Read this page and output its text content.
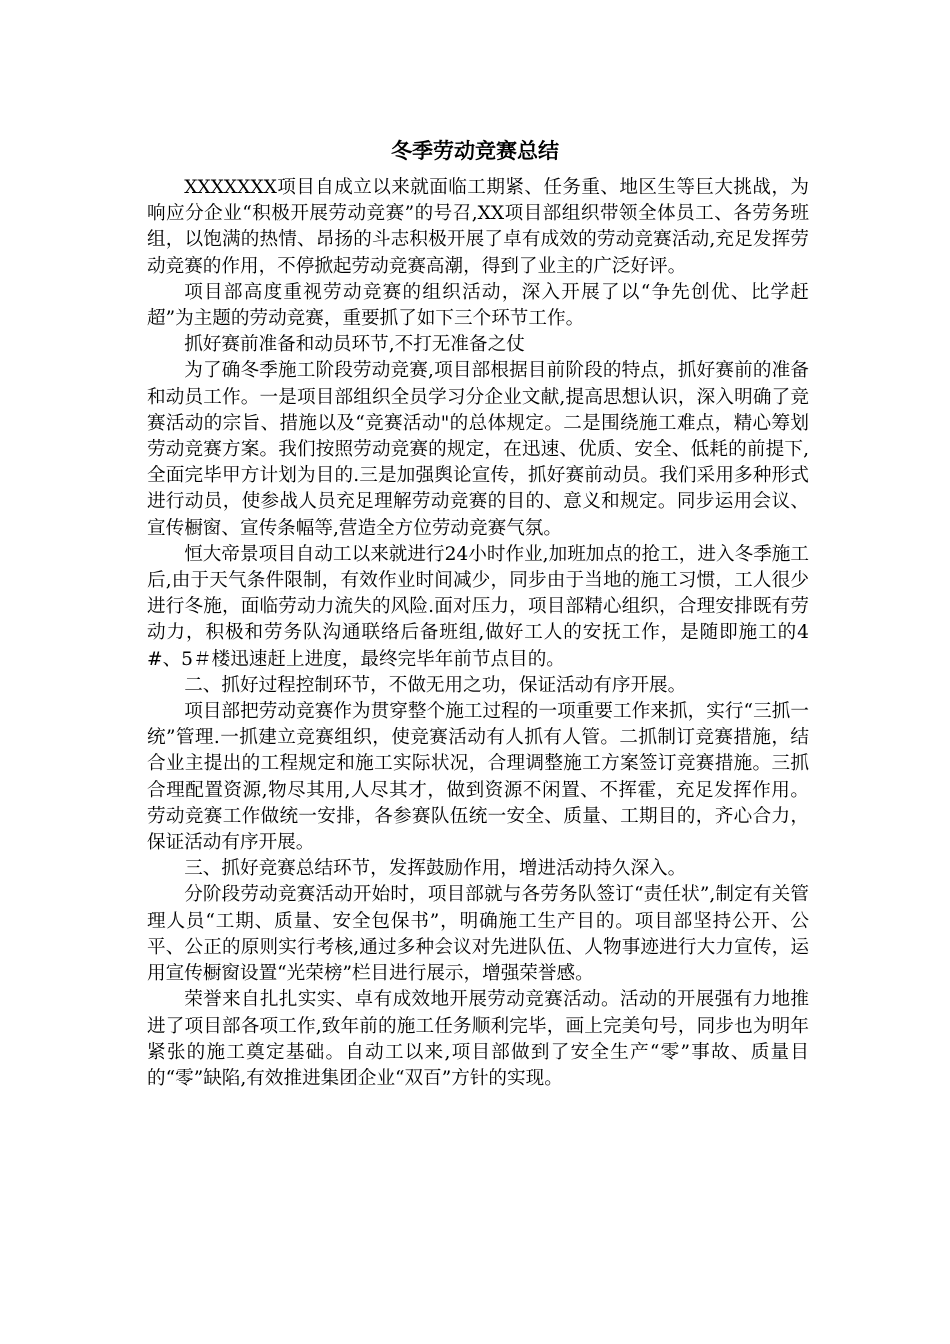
冬季劳动竞赛总结

XXXXXXX项目自成立以来就面临工期紧、任务重、地区生等巨大挑战，为响应分企业“积极开展劳动竞赛”的号召,XX项目部组织带领全体员工、各劳务班组，以饱满的热情、昂扬的斗志积极开展了卓有成效的劳动竞赛活动,充足发挥劳动竞赛的作用，不停掀起劳动竞赛高潮，得到了业主的广泛好评。

项目部高度重视劳动竞赛的组织活动，深入开展了以“争先创优、比学赶超”为主题的劳动竞赛，重要抓了如下三个环节工作。

抓好赛前准备和动员环节,不打无准备之仗

为了确冬季施工阶段劳动竞赛,项目部根据目前阶段的特点，抓好赛前的准备和动员工作。一是项目部组织全员学习分企业文献,提高思想认识，深入明确了竞赛活动的宗旨、措施以及“竞赛活动"的总体规定。二是围绕施工难点，精心筹划劳动竞赛方案。我们按照劳动竞赛的规定，在迅速、优质、安全、低耗的前提下,全面完毕甲方计划为目的.三是加强舆论宣传，抓好赛前动员。我们采用多种形式进行动员，使参战人员充足理解劳动竞赛的目的、意义和规定。同步运用会议、宣传橱窗、宣传条幅等,营造全方位劳动竞赛气氛。

恒大帝景项目自动工以来就进行24小时作业,加班加点的抢工，进入冬季施工后,由于天气条件限制，有效作业时间减少，同步由于当地的施工习惯，工人很少进行冬施，面临劳动力流失的风险.面对压力，项目部精心组织，合理安排既有劳动力，积极和劳务队沟通联络后备班组,做好工人的安抚工作，是随即施工的4#、5＃楼迅速赶上进度，最终完毕年前节点目的。

二、抓好过程控制环节，不做无用之功，保证活动有序开展。

项目部把劳动竞赛作为贯穿整个施工过程的一项重要工作来抓，实行“三抓一统”管理.一抓建立竞赛组织，使竞赛活动有人抓有人管。二抓制订竞赛措施，结合业主提出的工程规定和施工实际状况，合理调整施工方案签订竞赛措施。三抓合理配置资源,物尽其用,人尽其才，做到资源不闲置、不挥霍，充足发挥作用。劳动竞赛工作做统一安排，各参赛队伍统一安全、质量、工期目的，齐心合力，保证活动有序开展。

三、抓好竞赛总结环节，发挥鼓励作用，增进活动持久深入。

分阶段劳动竞赛活动开始时，项目部就与各劳务队签订“责任状”,制定有关管理人员“工期、质量、安全包保书”，明确施工生产目的。项目部坚持公开、公平、公正的原则实行考核,通过多种会议对先进队伍、人物事迹进行大力宣传，运用宣传橱窗设置“光荣榜”栏目进行展示，增强荣誉感。

荣誉来自扎扎实实、卓有成效地开展劳动竞赛活动。活动的开展强有力地推进了项目部各项工作,致年前的施工任务顺利完毕，画上完美句号，同步也为明年紧张的施工奠定基础。自动工以来,项目部做到了安全生产“零”事故、质量目的“零”缺陷,有效推进集团企业“双百”方针的实现。
